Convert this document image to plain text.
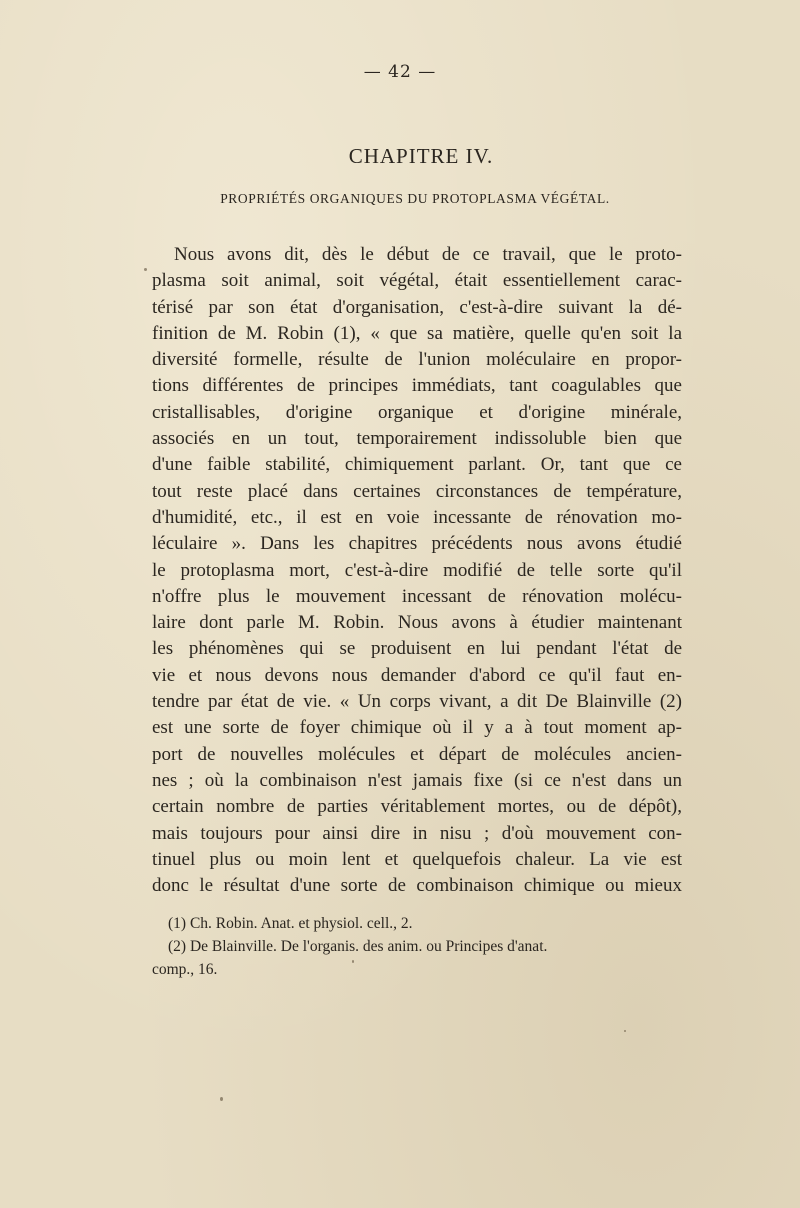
— 42 —
CHAPITRE IV.
PROPRIÉTÉS ORGANIQUES DU PROTOPLASMA VÉGÉTAL.
Nous avons dit, dès le début de ce travail, que le proto-
plasma soit animal, soit végétal, était essentiellement carac-
térisé par son état d'organisation, c'est-à-dire suivant la dé-
finition de M. Robin (1), « que sa matière, quelle qu'en soit la
diversité formelle, résulte de l'union moléculaire en propor-
tions différentes de principes immédiats, tant coagulables que
cristallisables, d'origine organique et d'origine minérale,
associés en un tout, temporairement indissoluble bien que
d'une faible stabilité, chimiquement parlant. Or, tant que ce
tout reste placé dans certaines circonstances de température,
d'humidité, etc., il est en voie incessante de rénovation mo-
léculaire ». Dans les chapitres précédents nous avons étudié
le protoplasma mort, c'est-à-dire modifié de telle sorte qu'il
n'offre plus le mouvement incessant de rénovation molécu-
laire dont parle M. Robin. Nous avons à étudier maintenant
les phénomènes qui se produisent en lui pendant l'état de
vie et nous devons nous demander d'abord ce qu'il faut en-
tendre par état de vie. « Un corps vivant, a dit De Blainville (2)
est une sorte de foyer chimique où il y a à tout moment ap-
port de nouvelles molécules et départ de molécules ancien-
nes ; où la combinaison n'est jamais fixe (si ce n'est dans un
certain nombre de parties véritablement mortes, ou de dépôt),
mais toujours pour ainsi dire in nisu ; d'où mouvement con-
tinuel plus ou moin lent et quelquefois chaleur. La vie est
donc le résultat d'une sorte de combinaison chimique ou mieux
(1) Ch. Robin. Anat. et physiol. cell., 2.
(2) De Blainville. De l'organis. des anim. ou Principes d'anat.
comp., 16.
